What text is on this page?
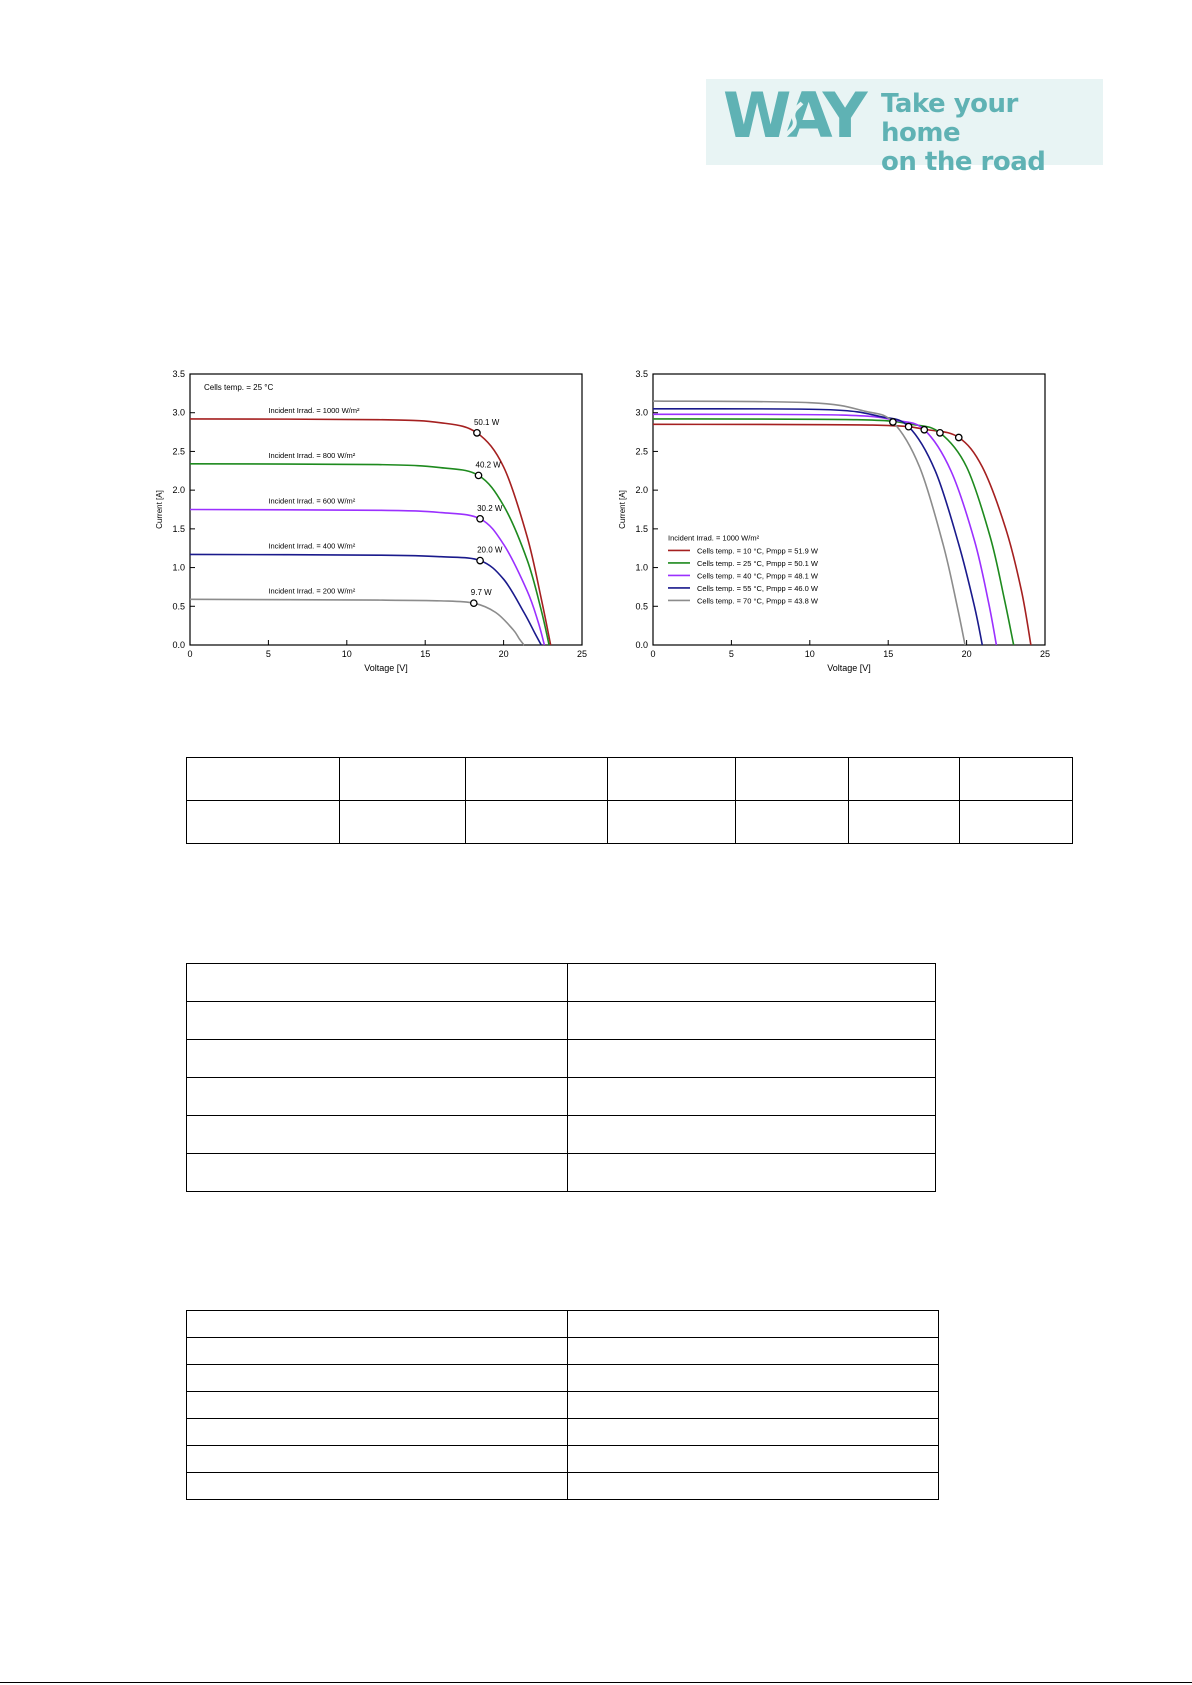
WAY Take your home
on the road
0	5	10	15	20	25
0.0
0.5
1.0
1.5
2.0
2.5
3.0
3.5
Voltage [V]
Current [A]
Cells temp. = 25 °C
Incident Irrad. = 1000 W/m²
50.1 W
Incident Irrad. = 800 W/m²
40.2 W
Incident Irrad. = 600 W/m²
30.2 W
Incident Irrad. = 400 W/m²	20.0 W
Incident Irrad. = 200 W/m²	9.7 W
0	5	10	15	20	25
0.0
0.5
1.0
1.5
2.0
2.5
3.0
3.5
Voltage [V]
Current [A]
Incident Irrad. = 1000 W/m²
Cells temp. = 10 °C, Pmpp = 51.9 W
Cells temp. = 25 °C, Pmpp = 50.1 W
Cells temp. = 40 °C, Pmpp = 48.1 W
Cells temp. = 55 °C, Pmpp = 46.0 W
Cells temp. = 70 °C, Pmpp = 43.8 W
